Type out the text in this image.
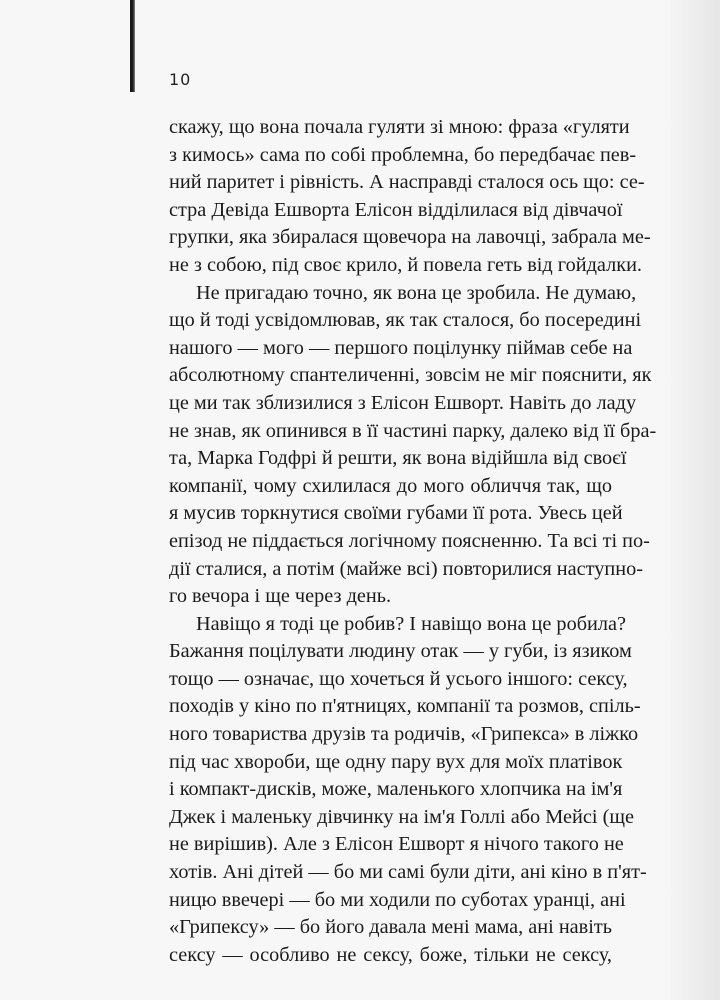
10
скажу, що вона почала гуляти зі мною: фраза «гуляти
з кимось» сама по собі проблемна, бо передбачає пев-
ний паритет і рівність. А насправді сталося ось що: се-
стра Девіда Ешворта Елісон відділилася від дівчачої
групки, яка збиралася щовечора на лавочці, забрала ме-
не з собою, під своє крило, й повела геть від гойдалки.
Не пригадаю точно, як вона це зробила. Не думаю,
що й тоді усвідомлював, як так сталося, бо посередині
нашого — мого — першого поцілунку піймав себе на
абсолютному спантеличенні, зовсім не міг пояснити, як
це ми так зблизилися з Елісон Ешворт. Навіть до ладу
не знав, як опинився в її частині парку, далеко від її бра-
та, Марка Годфрі й решти, як вона відійшла від своєї
компанії, чому схилилася до мого обличчя так, що
я мусив торкнутися своїми губами її рота. Увесь цей
епізод не піддається логічному поясненню. Та всі ті по-
дії сталися, а потім (майже всі) повторилися наступно-
го вечора і ще через день.
Навіщо я тоді це робив? І навіщо вона це робила?
Бажання поцілувати людину отак — у губи, із язиком
тощо — означає, що хочеться й усього іншого: сексу,
походів у кіно по п'ятницях, компанії та розмов, спіль-
ного товариства друзів та родичів, «Грипекса» в ліжко
під час хвороби, ще одну пару вух для моїх платівок
і компакт-дисків, може, маленького хлопчика на ім'я
Джек і маленьку дівчинку на ім'я Голлі або Мейсі (ще
не вирішив). Але з Елісон Ешворт я нічого такого не
хотів. Ані дітей — бо ми самі були діти, ані кіно в п'ят-
ницю ввечері — бо ми ходили по суботах уранці, ані
«Грипексу» — бо його давала мені мама, ані навіть
сексу — особливо не сексу, боже, тільки не сексу,
